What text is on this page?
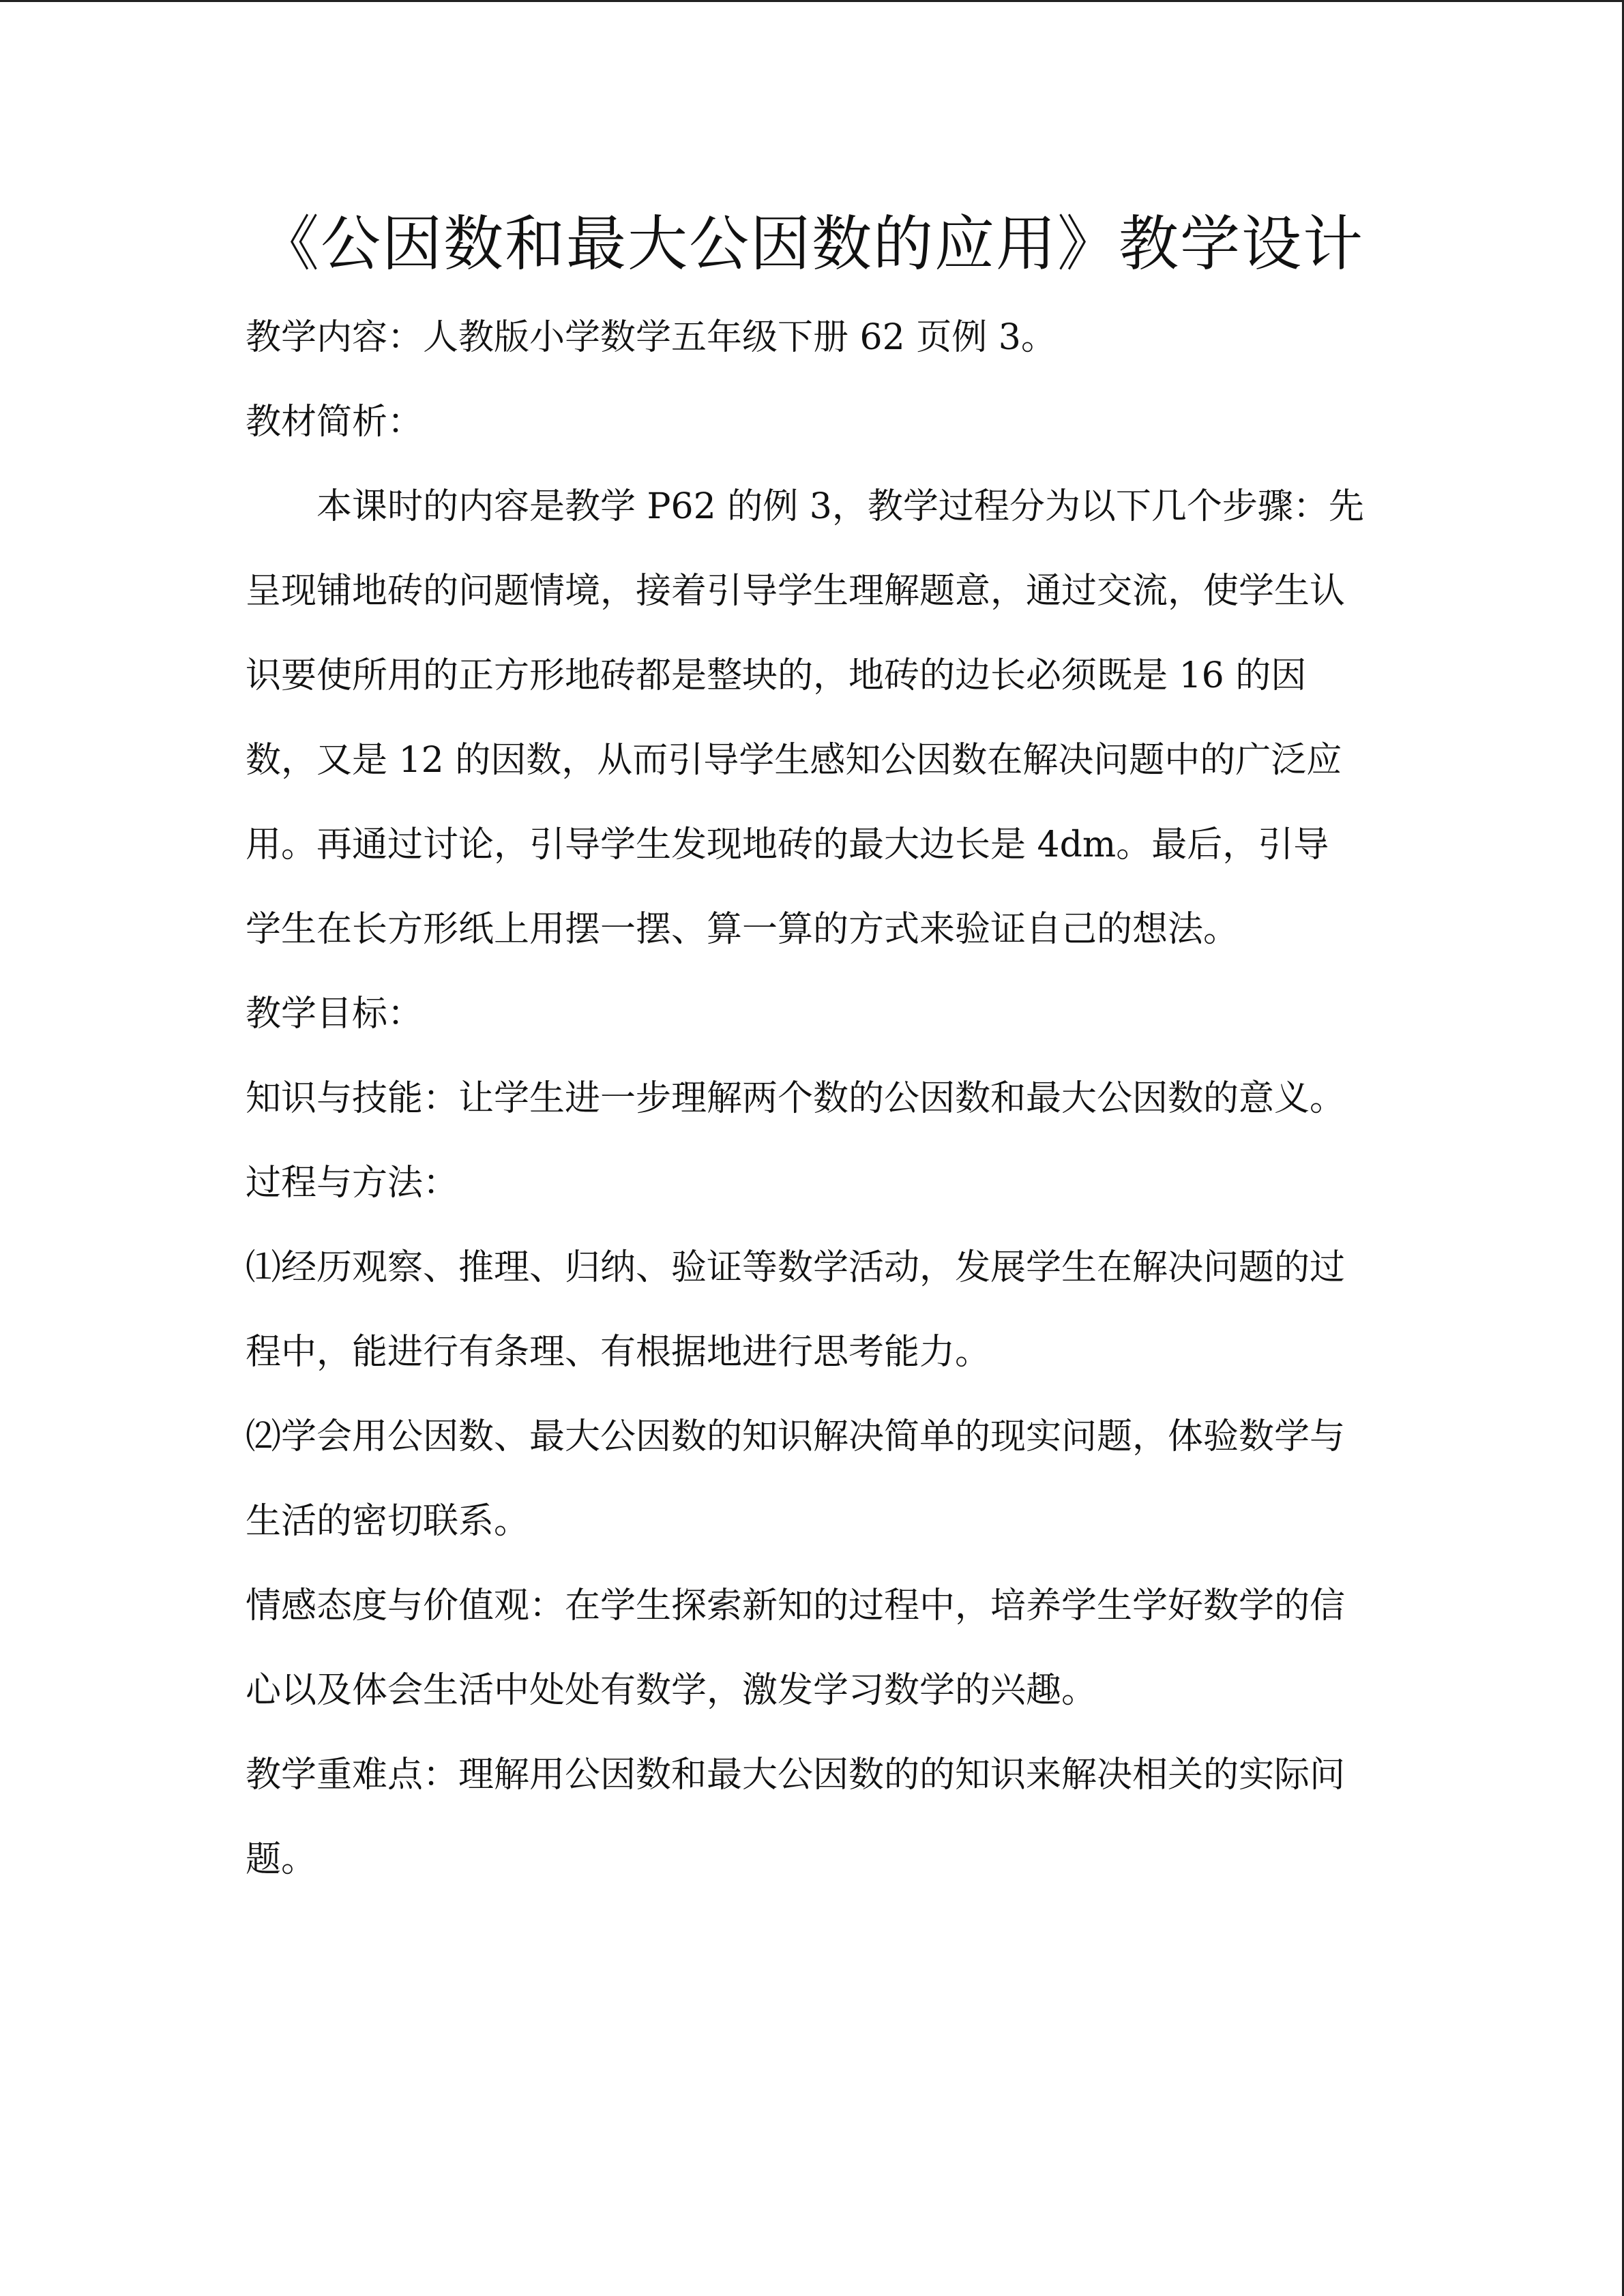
《公因数和最大公因数的应用》教学设计

教学内容：人教版小学数学五年级下册 62 页例 3。

教材简析：

本课时的内容是教学 P62 的例 3，教学过程分为以下几个步骤：先呈现铺地砖的问题情境，接着引导学生理解题意，通过交流，使学生认识要使所用的正方形地砖都是整块的，地砖的边长必须既是 16 的因数，又是 12 的因数，从而引导学生感知公因数在解决问题中的广泛应用。再通过讨论，引导学生发现地砖的最大边长是 4dm。最后，引导学生在长方形纸上用摆一摆、算一算的方式来验证自己的想法。

教学目标：

知识与技能：让学生进一步理解两个数的公因数和最大公因数的意义。

过程与方法：

⑴经历观察、推理、归纳、验证等数学活动，发展学生在解决问题的过程中，能进行有条理、有根据地进行思考能力。

⑵学会用公因数、最大公因数的知识解决简单的现实问题，体验数学与生活的密切联系。

情感态度与价值观：在学生探索新知的过程中，培养学生学好数学的信心以及体会生活中处处有数学，激发学习数学的兴趣。

教学重难点：理解用公因数和最大公因数的的知识来解决相关的实际问题。
